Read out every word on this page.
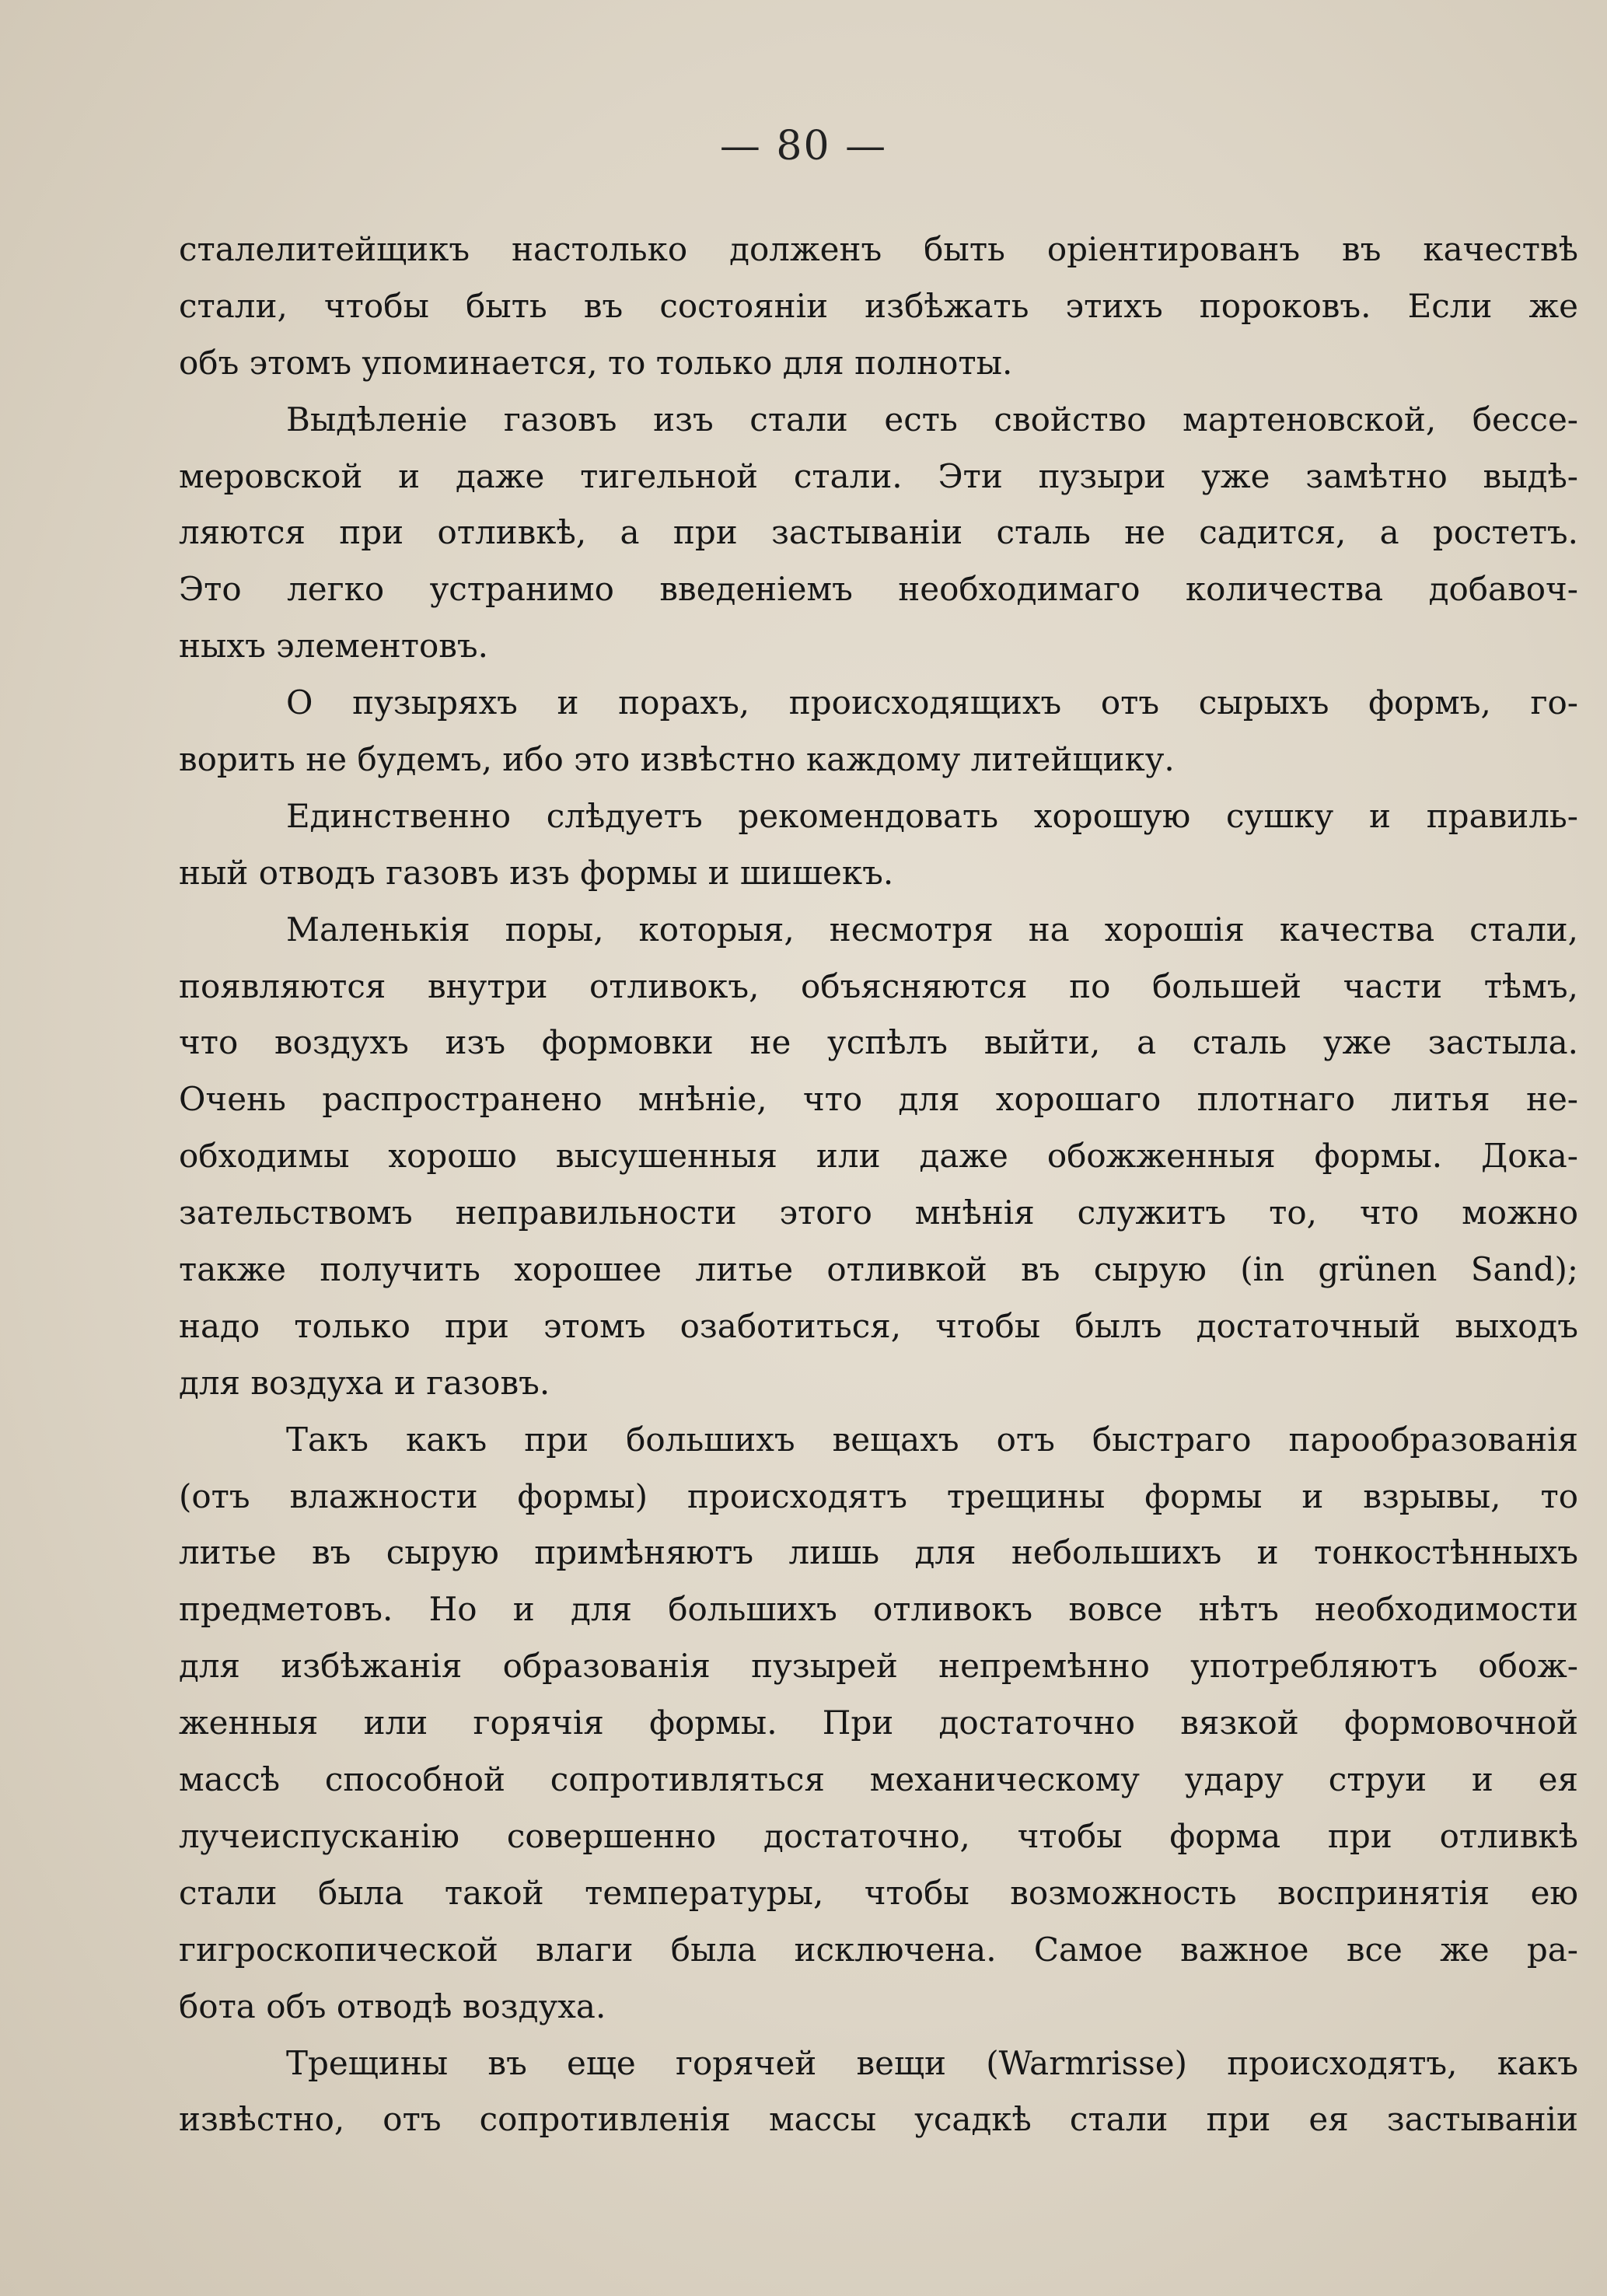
— 80 —
сталелитейщикъ настолько долженъ быть оріентированъ въ качествѣ
стали, чтобы быть въ состояніи избѣжать этихъ пороковъ. Если же
объ этомъ упоминается, то только для полноты.
Выдѣленіе газовъ изъ стали есть свойство мартеновской, бессе-
меровской и даже тигельной стали. Эти пузыри уже замѣтно выдѣ-
ляются при отливкѣ, а при застываніи сталь не садится, а ростетъ.
Это легко устранимо введеніемъ необходимаго количества добавоч-
ныхъ элементовъ.
О пузыряхъ и порахъ, происходящихъ отъ сырыхъ формъ, го-
ворить не будемъ, ибо это извѣстно каждому литейщику.
Единственно слѣдуетъ рекомендовать хорошую сушку и правиль-
ный отводъ газовъ изъ формы и шишекъ.
Маленькія поры, которыя, несмотря на хорошія качества стали,
появляются внутри отливокъ, объясняются по большей части тѣмъ,
что воздухъ изъ формовки не успѣлъ выйти, а сталь уже застыла.
Очень распространено мнѣніе, что для хорошаго плотнаго литья не-
обходимы хорошо высушенныя или даже обожженныя формы. Дока-
зательствомъ неправильности этого мнѣнія служитъ то, что можно
также получить хорошее литье отливкой въ сырую (in grünen Sand);
надо только при этомъ озаботиться, чтобы былъ достаточный выходъ
для воздуха и газовъ.
Такъ какъ при большихъ вещахъ отъ быстраго парообразованія
(отъ влажности формы) происходятъ трещины формы и взрывы, то
литье въ сырую примѣняютъ лишь для небольшихъ и тонкостѣнныхъ
предметовъ. Но и для большихъ отливокъ вовсе нѣтъ необходимости
для избѣжанія образованія пузырей непремѣнно употребляютъ обож-
женныя или горячія формы. При достаточно вязкой формовочной
массѣ способной сопротивляться механическому удару струи и ея
лучеиспусканію совершенно достаточно, чтобы форма при отливкѣ
стали была такой температуры, чтобы возможность воспринятія ею
гигроскопической влаги была исключена. Самое важное все же ра-
бота объ отводѣ воздуха.
Трещины въ еще горячей вещи (Warmrisse) происходятъ, какъ
извѣстно, отъ сопротивленія массы усадкѣ стали при ея застываніи
